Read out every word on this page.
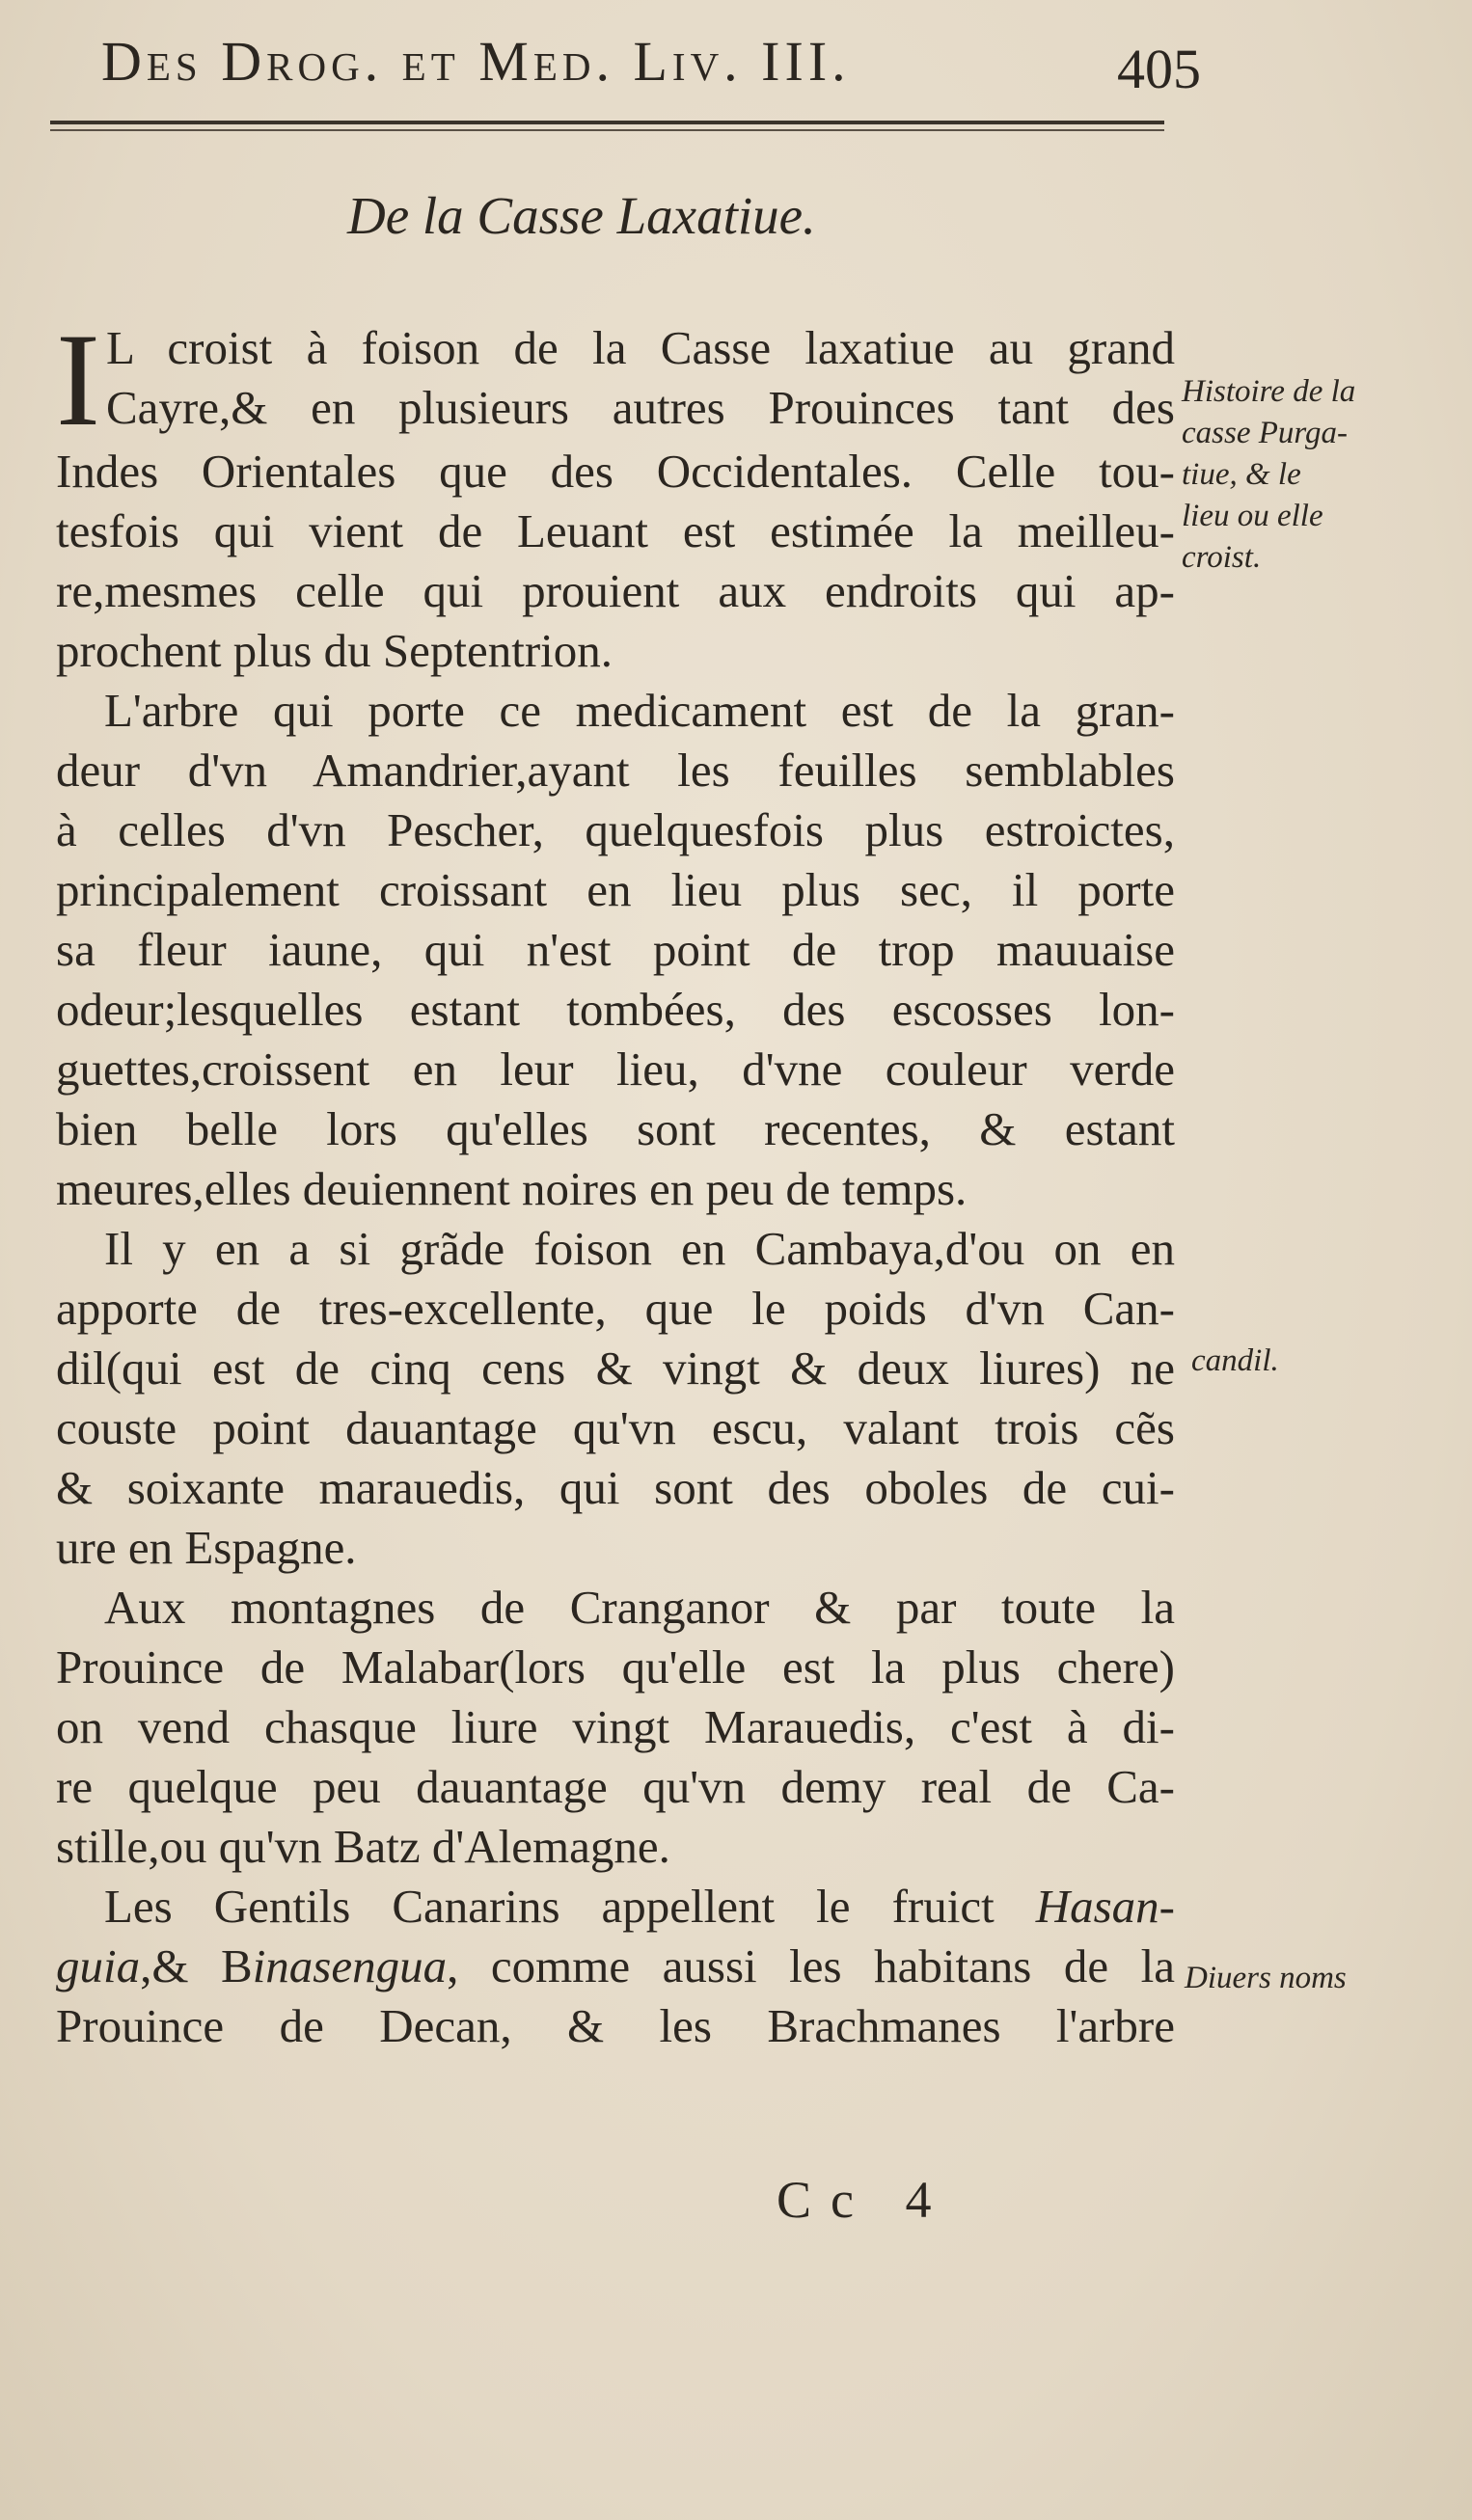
Des Drog. et Med. Liv. III.	405
De la Casse Laxatiue.
I L croist à foison de la Casse laxatiue au grand
Cayre,& en plusieurs autres Prouinces tant des
Indes Orientales que des Occidentales. Celle tou-
tesfois qui vient de Leuant est estimée la meilleu-
re,mesmes celle qui prouient aux endroits qui ap-
prochent plus du Septentrion.
L'arbre qui porte ce medicament est de la gran-
deur d'vn Amandrier,ayant les feuilles semblables
à celles d'vn Pescher, quelquesfois plus estroictes,
principalement croissant en lieu plus sec, il porte
sa fleur iaune, qui n'est point de trop mauuaise
odeur;lesquelles estant tombées, des escosses lon-
guettes,croissent en leur lieu, d'vne couleur verde
bien belle lors qu'elles sont recentes, & estant
meures,elles deuiennent noires en peu de temps.
Il y en a si grãde foison en Cambaya,d'ou on en
apporte de tres-excellente, que le poids d'vn Can-
dil(qui est de cinq cens & vingt & deux liures) ne
couste point dauantage qu'vn escu, valant trois cẽs
& soixante marauedis, qui sont des oboles de cui-
ure en Espagne.
Aux montagnes de Cranganor & par toute la
Prouince de Malabar(lors qu'elle est la plus chere)
on vend chasque liure vingt Marauedis, c'est à di-
re quelque peu dauantage qu'vn demy real de Ca-
stille,ou qu'vn Batz d'Alemagne.
Les Gentils Canarins appellent le fruict Hasan-
guia,& Binasengua, comme aussi les habitans de la
Prouince de Decan, & les Brachmanes l'arbre
Histoire de la
casse Purga-
tiue, & le
lieu ou elle
croist.
candil.
Diuers noms
Cc 4
